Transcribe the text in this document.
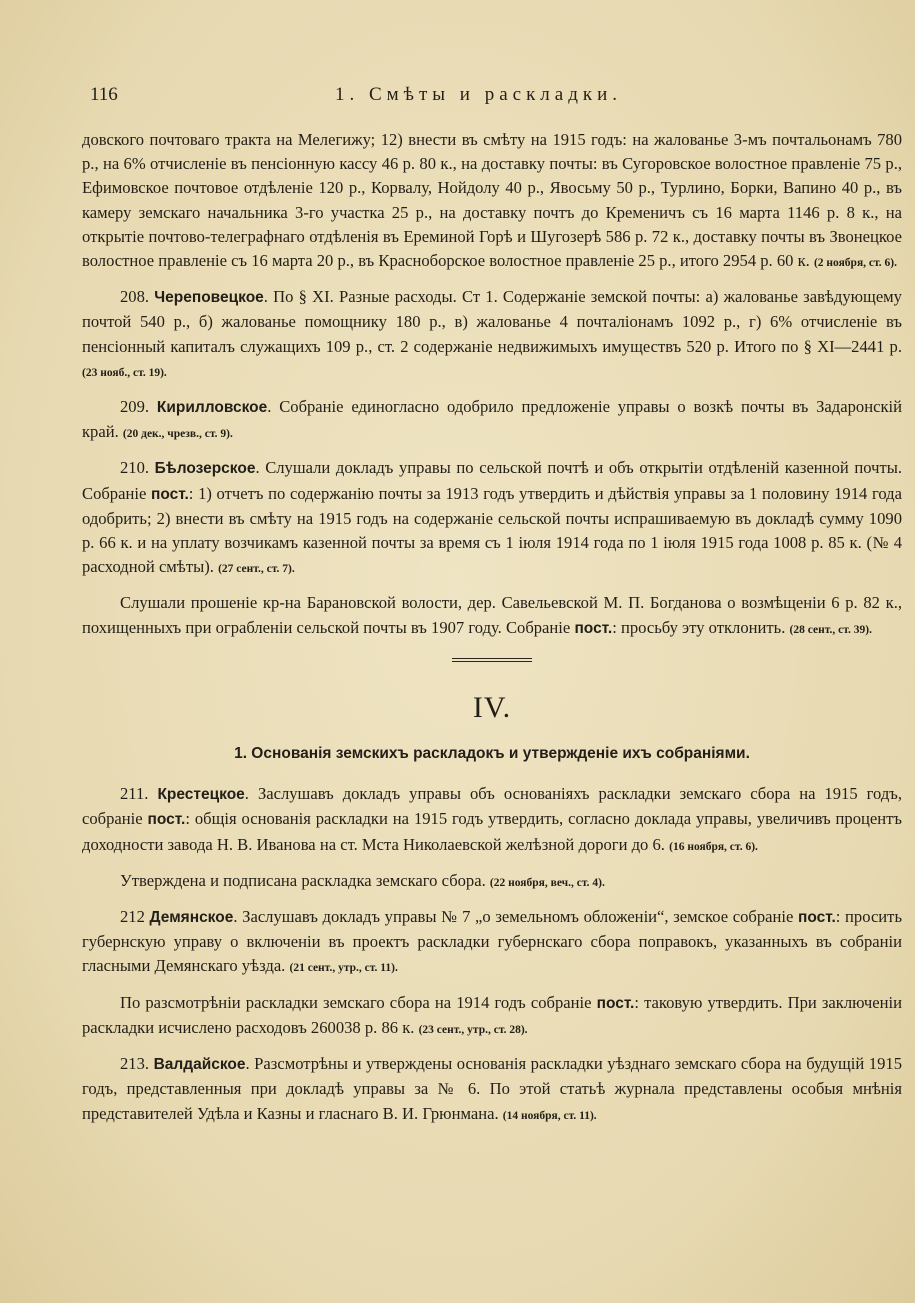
116	1. Смѣты и раскладки.

довского почтоваго тракта на Мелегижу; 12) внести въ смѣту на 1915 годъ: на жалованье 3-мъ почтальонамъ 780 р., на 6% отчисленіе въ пенсіонную кассу 46 р. 80 к., на доставку почты: въ Сугоровское волостное правленіе 75 р., Ефимовское почтовое отдѣленіе 120 р., Корвалу, Нойдолу 40 р., Явосьму 50 р., Турлино, Борки, Вапино 40 р., въ камеру земскаго начальника 3-го участка 25 р., на доставку почтъ до Кременичъ съ 16 марта 1146 р. 8 к., на открытіе почтово-телеграфнаго отдѣленія въ Ереминой Горѣ и Шугозерѣ 586 р. 72 к., доставку почты въ Звонецкое волостное правленіе съ 16 марта 20 р., въ Красноборское волостное правленіе 25 р., итого 2954 р. 60 к. (2 ноября, ст. 6).

208. Череповецкое. По § XI. Разные расходы. Ст 1. Содержаніе земской почты: а) жалованье завѣдующему почтой 540 р., б) жалованье помощнику 180 р., в) жалованье 4 почталіонамъ 1092 р., г) 6% отчисленіе въ пенсіонный капиталъ служащихъ 109 р., ст. 2 содержаніе недвижимыхъ имуществъ 520 р. Итого по § XI—2441 р. (23 нояб., ст. 19).

209. Кирилловское. Собраніе единогласно одобрило предложеніе управы о возкѣ почты въ Задаронскій край. (20 дек., чрезв., ст. 9).

210. Бѣлозерское. Слушали докладъ управы по сельской почтѣ и объ открытіи отдѣленій казенной почты. Собраніе пост.: 1) отчетъ по содержанію почты за 1913 годъ утвердить и дѣйствія управы за 1 половину 1914 года одобрить; 2) внести въ смѣту на 1915 годъ на содержаніе сельской почты испрашиваемую въ докладѣ сумму 1090 р. 66 к. и на уплату возчикамъ казенной почты за время съ 1 іюля 1914 года по 1 іюля 1915 года 1008 р. 85 к. (№ 4 расходной смѣты). (27 сент., ст. 7).

Слушали прошеніе кр-на Барановской волости, дер. Савельевской М. П. Богданова о возмѣщеніи 6 р. 82 к., похищенныхъ при ограбленіи сельской почты въ 1907 году. Собраніе пост.: просьбу эту отклонить. (28 сент., ст. 39).

IV.
1. Основанія земскихъ раскладокъ и утвержденіе ихъ собраніями.

211. Крестецкое. Заслушавъ докладъ управы объ основаніяхъ раскладки земскаго сбора на 1915 годъ, собраніе пост.: общія основанія раскладки на 1915 годъ утвердить, согласно доклада управы, увеличивъ процентъ доходности завода Н. В. Иванова на ст. Мста Николаевской желѣзной дороги до 6. (16 ноября, ст. 6).

Утверждена и подписана раскладка земскаго сбора. (22 ноября, веч., ст. 4).

212 Демянское. Заслушавъ докладъ управы № 7 „о земельномъ обложеніи“, земское собраніе пост.: просить губернскую управу о включеніи въ проектъ раскладки губернскаго сбора поправокъ, указанныхъ въ собраніи гласными Демянскаго уѣзда. (21 сент., утр., ст. 11).

По разсмотрѣніи раскладки земскаго сбора на 1914 годъ собраніе пост.: таковую утвердить. При заключеніи раскладки исчислено расходовъ 260038 р. 86 к. (23 сент., утр., ст. 28).

213. Валдайское. Разсмотрѣны и утверждены основанія раскладки уѣзднаго земскаго сбора на будущій 1915 годъ, представленныя при докладѣ управы за № 6. По этой статьѣ журнала представлены особыя мнѣнія представителей Удѣла и Казны и гласнаго В. И. Грюнмана. (14 ноября, ст. 11).
